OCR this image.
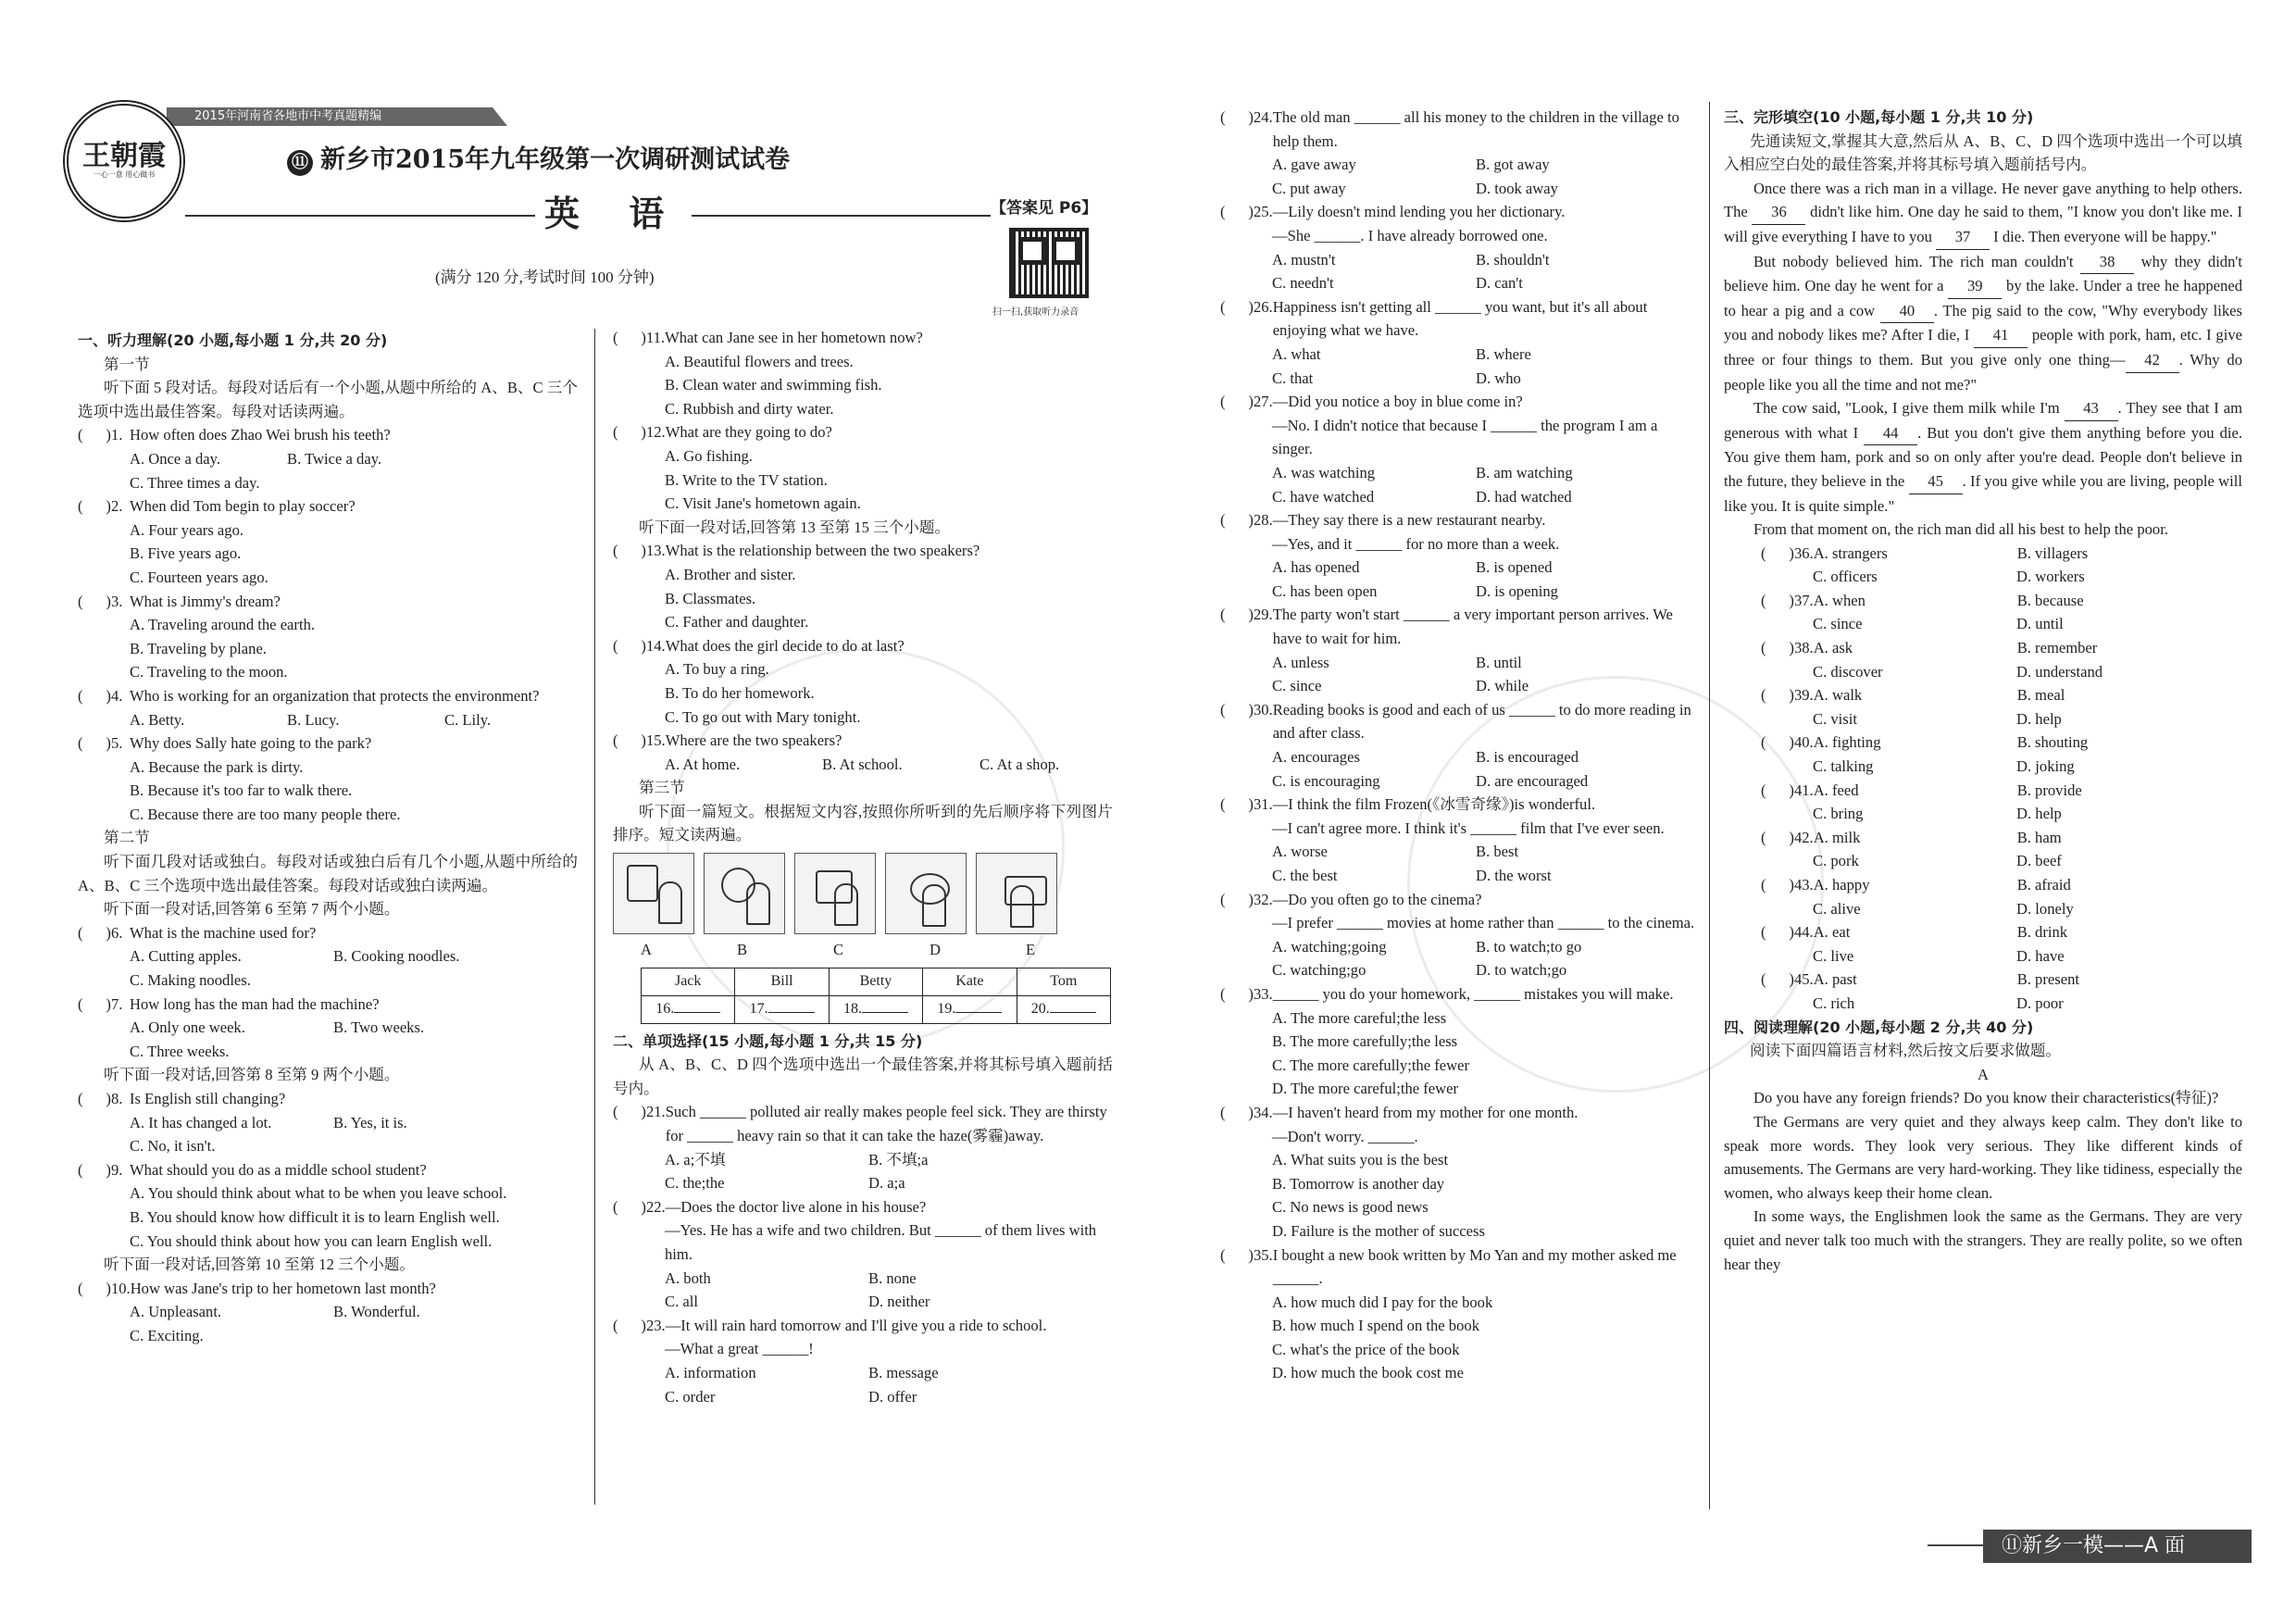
2015年河南省各地市中考真题精编
王朝霞
一心一意 用心做书
⑪ 新乡市2015年九年级第一次调研测试试卷
英 语	【答案见 P6】
(满分 120 分,考试时间 100 分钟)
扫一扫,获取听力录音
一、听力理解(20 小题,每小题 1 分,共 20 分)
第一节
听下面 5 段对话。每段对话后有一个小题,从题中所给的 A、B、C 三个选项中选出最佳答案。每段对话读两遍。
(      )1. How often does Zhao Wei brush his teeth?
A. Once a day.	B. Twice a day.
C. Three times a day.
(      )2. When did Tom begin to play soccer?
A. Four years ago.
B. Five years ago.
C. Fourteen years ago.
(      )3. What is Jimmy's dream?
A. Traveling around the earth.
B. Traveling by plane.
C. Traveling to the moon.
(      )4. Who is working for an organization that protects the environment?
A. Betty.	B. Lucy.	C. Lily.
(      )5. Why does Sally hate going to the park?
A. Because the park is dirty.
B. Because it's too far to walk there.
C. Because there are too many people there.
第二节
听下面几段对话或独白。每段对话或独白后有几个小题,从题中所给的 A、B、C 三个选项中选出最佳答案。每段对话或独白读两遍。
听下面一段对话,回答第 6 至第 7 两个小题。
(      )6. What is the machine used for?
A. Cutting apples.	B. Cooking noodles.
C. Making noodles.
(      )7. How long has the man had the machine?
A. Only one week.	B. Two weeks.
C. Three weeks.
听下面一段对话,回答第 8 至第 9 两个小题。
(      )8. Is English still changing?
A. It has changed a lot.	B. Yes, it is.
C. No, it isn't.
(      )9. What should you do as a middle school student?
A. You should think about what to be when you leave school.
B. You should know how difficult it is to learn English well.
C. You should think about how you can learn English well.
听下面一段对话,回答第 10 至第 12 三个小题。
(      )10. How was Jane's trip to her hometown last month?
A. Unpleasant.	B. Wonderful.
C. Exciting.
(      )11. What can Jane see in her hometown now?
A. Beautiful flowers and trees.
B. Clean water and swimming fish.
C. Rubbish and dirty water.
(      )12. What are they going to do?
A. Go fishing.
B. Write to the TV station.
C. Visit Jane's hometown again.
听下面一段对话,回答第 13 至第 15 三个小题。
(      )13. What is the relationship between the two speakers?
A. Brother and sister.
B. Classmates.
C. Father and daughter.
(      )14. What does the girl decide to do at last?
A. To buy a ring.
B. To do her homework.
C. To go out with Mary tonight.
(      )15. Where are the two speakers?
A. At home.	B. At school.	C. At a shop.
第三节
听下面一篇短文。根据短文内容,按照你所听到的先后顺序将下列图片排序。短文读两遍。
A	B	C	D	E
Jack	Bill	Betty	Kate	Tom
16.	17.	18.	19.	20.
二、单项选择(15 小题,每小题 1 分,共 15 分)
从 A、B、C、D 四个选项中选出一个最佳答案,并将其标号填入题前括号内。
(      )21. Such ______ polluted air really makes people feel sick. They are thirsty for ______ heavy rain so that it can take the haze(雾霾)away.
A. a;不填	B. 不填;a
C. the;the	D. a;a
(      )22. —Does the doctor live alone in his house?
—Yes. He has a wife and two children. But ______ of them lives with him.
A. both	B. none
C. all	D. neither
(      )23. —It will rain hard tomorrow and I'll give you a ride to school.
—What a great ______!
A. information	B. message
C. order	D. offer
(      )24. The old man ______ all his money to the children in the village to help them.
A. gave away	B. got away
C. put away	D. took away
(      )25. —Lily doesn't mind lending you her dictionary.
—She ______. I have already borrowed one.
A. mustn't	B. shouldn't
C. needn't	D. can't
(      )26. Happiness isn't getting all ______ you want, but it's all about enjoying what we have.
A. what	B. where
C. that	D. who
(      )27. —Did you notice a boy in blue come in?
—No. I didn't notice that because I ______ the program I am a singer.
A. was watching	B. am watching
C. have watched	D. had watched
(      )28. —They say there is a new restaurant nearby.
—Yes, and it ______ for no more than a week.
A. has opened	B. is opened
C. has been open	D. is opening
(      )29. The party won't start ______ a very important person arrives. We have to wait for him.
A. unless	B. until
C. since	D. while
(      )30. Reading books is good and each of us ______ to do more reading in and after class.
A. encourages	B. is encouraged
C. is encouraging	D. are encouraged
(      )31. —I think the film Frozen(《冰雪奇缘》)is wonderful.
—I can't agree more. I think it's ______ film that I've ever seen.
A. worse	B. best
C. the best	D. the worst
(      )32. —Do you often go to the cinema?
—I prefer ______ movies at home rather than ______ to the cinema.
A. watching;going	B. to watch;to go
C. watching;go	D. to watch;go
(      )33. ______ you do your homework, ______ mistakes you will make.
A. The more careful;the less
B. The more carefully;the less
C. The more carefully;the fewer
D. The more careful;the fewer
(      )34. —I haven't heard from my mother for one month.
—Don't worry. ______.
A. What suits you is the best
B. Tomorrow is another day
C. No news is good news
D. Failure is the mother of success
(      )35. I bought a new book written by Mo Yan and my mother asked me ______.
A. how much did I pay for the book
B. how much I spend on the book
C. what's the price of the book
D. how much the book cost me
三、完形填空(10 小题,每小题 1 分,共 10 分)
先通读短文,掌握其大意,然后从 A、B、C、D 四个选项中选出一个可以填入相应空白处的最佳答案,并将其标号填入题前括号内。
Once there was a rich man in a village. He never gave anything to help others. The 36 didn't like him. One day he said to them, "I know you don't like me. I will give everything I have to you 37 I die. Then everyone will be happy."
But nobody believed him. The rich man couldn't 38 why they didn't believe him. One day he went for a 39 by the lake. Under a tree he happened to hear a pig and a cow 40 . The pig said to the cow, "Why everybody likes you and nobody likes me? After I die, I 41 people with pork, ham, etc. I give three or four things to them. But you give only one thing— 42 . Why do people like you all the time and not me?"
The cow said, "Look, I give them milk while I'm 43 . They see that I am generous with what I 44 . But you don't give them anything before you die. You give them ham, pork and so on only after you're dead. People don't believe in the future, they believe in the 45 . If you give while you are living, people will like you. It is quite simple."
From that moment on, the rich man did all his best to help the poor.
(      )36. A. strangers	B. villagers
C. officers	D. workers
(      )37. A. when	B. because
C. since	D. until
(      )38. A. ask	B. remember
C. discover	D. understand
(      )39. A. walk	B. meal
C. visit	D. help
(      )40. A. fighting	B. shouting
C. talking	D. joking
(      )41. A. feed	B. provide
C. bring	D. help
(      )42. A. milk	B. ham
C. pork	D. beef
(      )43. A. happy	B. afraid
C. alive	D. lonely
(      )44. A. eat	B. drink
C. live	D. have
(      )45. A. past	B. present
C. rich	D. poor
四、阅读理解(20 小题,每小题 2 分,共 40 分)
阅读下面四篇语言材料,然后按文后要求做题。
A
Do you have any foreign friends? Do you know their characteristics(特征)?
The Germans are very quiet and they always keep calm. They don't like to speak more words. They look very serious. They like different kinds of amusements. The Germans are very hard-working. They like tidiness, especially the women, who always keep their home clean.
In some ways, the Englishmen look the same as the Germans. They are very quiet and never talk too much with the strangers. They are really polite, so we often hear they
⑪新乡一模——A 面
